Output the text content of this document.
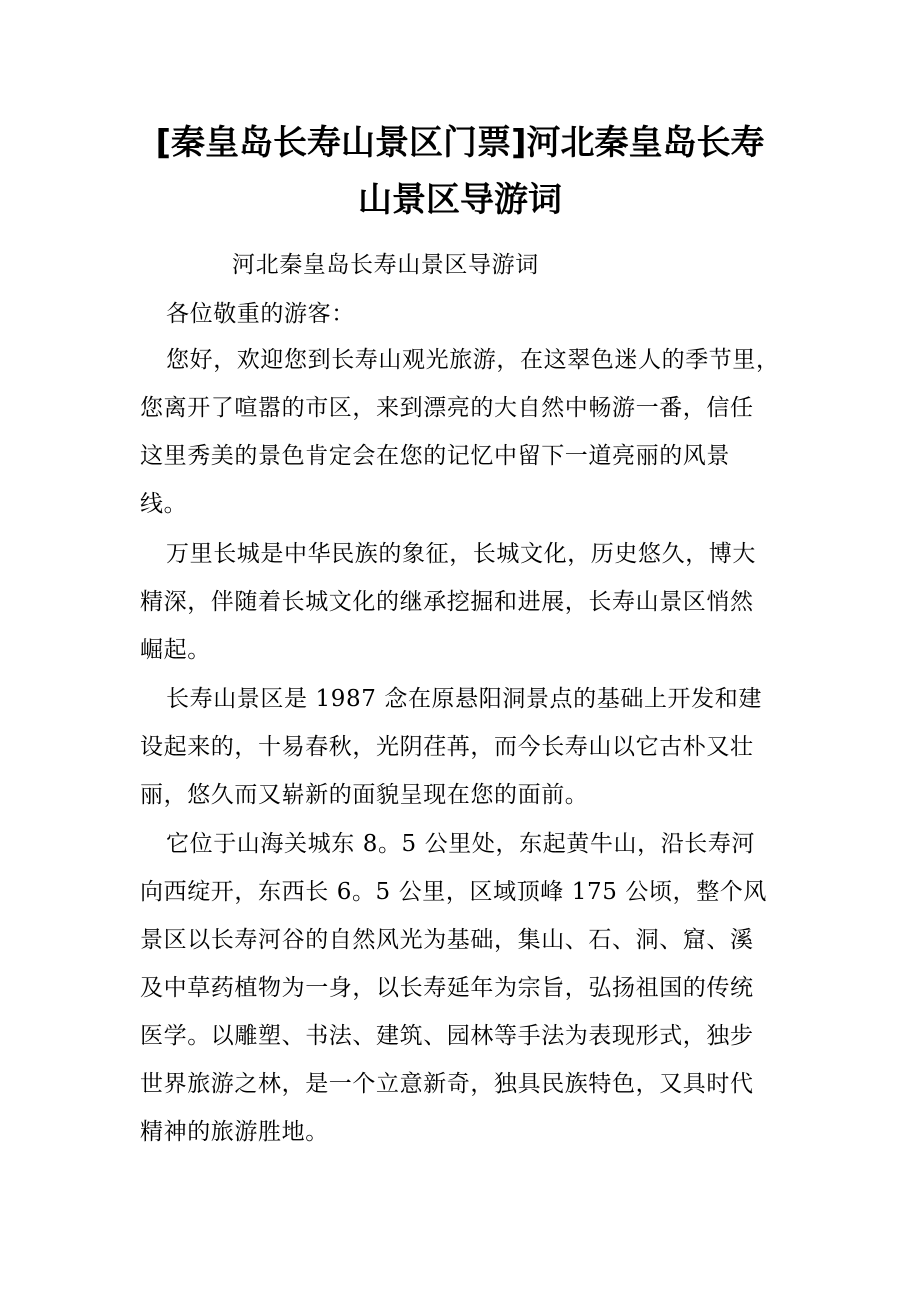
[秦皇岛长寿山景区门票]河北秦皇岛长寿
山景区导游词
河北秦皇岛长寿山景区导游词
各位敬重的游客：
您好，欢迎您到长寿山观光旅游，在这翠色迷人的季节里，
您离开了喧嚣的市区，来到漂亮的大自然中畅游一番，信任
这里秀美的景色肯定会在您的记忆中留下一道亮丽的风景
线。
万里长城是中华民族的象征，长城文化，历史悠久，博大
精深，伴随着长城文化的继承挖掘和进展，长寿山景区悄然
崛起。
长寿山景区是 1987 念在原悬阳洞景点的基础上开发和建
设起来的，十易春秋，光阴荏苒，而今长寿山以它古朴又壮
丽，悠久而又崭新的面貌呈现在您的面前。
它位于山海关城东 8。5 公里处，东起黄牛山，沿长寿河
向西绽开，东西长 6。5 公里，区域顶峰 175 公顷，整个风
景区以长寿河谷的自然风光为基础，集山、石、洞、窟、溪
及中草药植物为一身，以长寿延年为宗旨，弘扬祖国的传统
医学。以雕塑、书法、建筑、园林等手法为表现形式，独步
世界旅游之林，是一个立意新奇，独具民族特色，又具时代
精神的旅游胜地。
